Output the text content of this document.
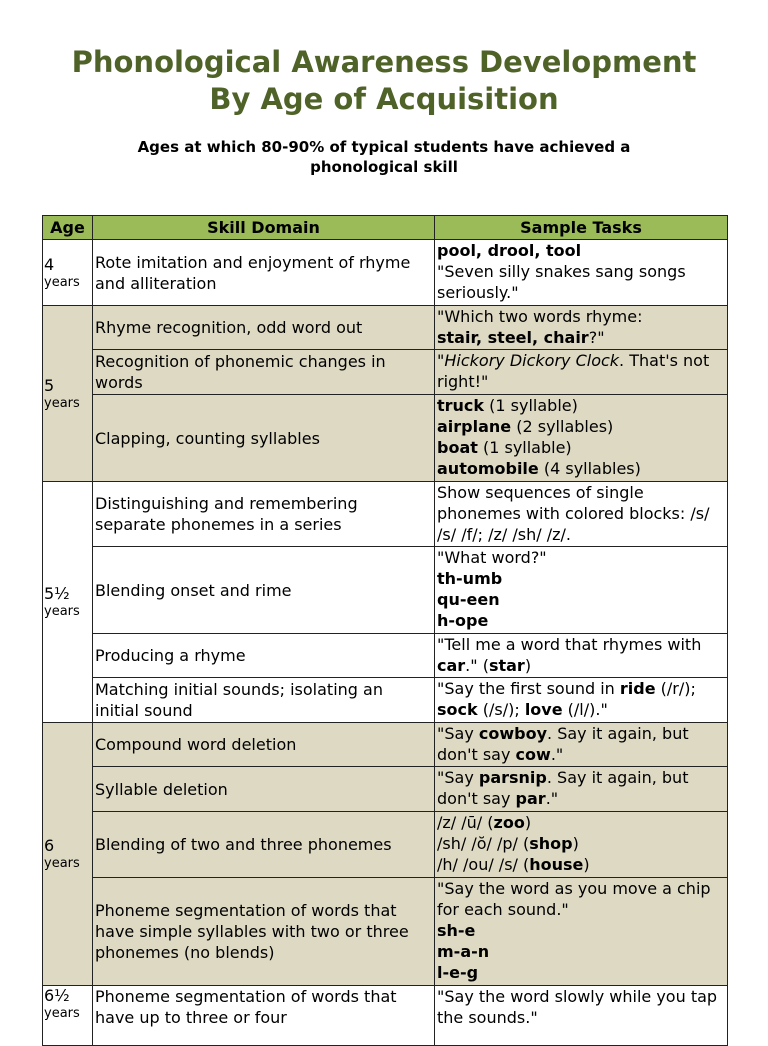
Phonological Awareness Development
By Age of Acquisition
Ages at which 80-90% of typical students have achieved a
phonological skill
Age	Skill Domain	Sample Tasks

4
years	Rote imitation and enjoyment of rhyme and alliteration	pool, drool, tool
"Seven silly snakes sang songs seriously."

5
years	Rhyme recognition, odd word out	"Which two words rhyme:
stair, steel, chair?"
	Recognition of phonemic changes in words	"Hickory Dickory Clock. That's not right!"
	Clapping, counting syllables	truck (1 syllable)
airplane (2 syllables)
boat (1 syllable)
automobile (4 syllables)

5½
years	Distinguishing and remembering separate phonemes in a series	Show sequences of single phonemes with colored blocks: /s/ /s/ /f/; /z/ /sh/ /z/.
	Blending onset and rime	"What word?"
th-umb
qu-een
h-ope

	Producing a rhyme	"Tell me a word that rhymes with car." (star)
	Matching initial sounds; isolating an initial sound	"Say the first sound in ride (/r/); sock (/s/); love (/l/)."

6
years	Compound word deletion	"Say cowboy. Say it again, but don't say cow."
	Syllable deletion	"Say parsnip. Say it again, but don't say par."
	Blending of two and three phonemes	/z/ /ū/ (zoo)
/sh/ /ŏ/ /p/ (shop)
/h/ /ou/ /s/ (house)

	Phoneme segmentation of words that have simple syllables with two or three phonemes (no blends)	"Say the word as you move a chip for each sound."
sh-e
m-a-n
l-e-g

6½
years	Phoneme segmentation of words that have up to three or four	"Say the word slowly while you tap the sounds."
